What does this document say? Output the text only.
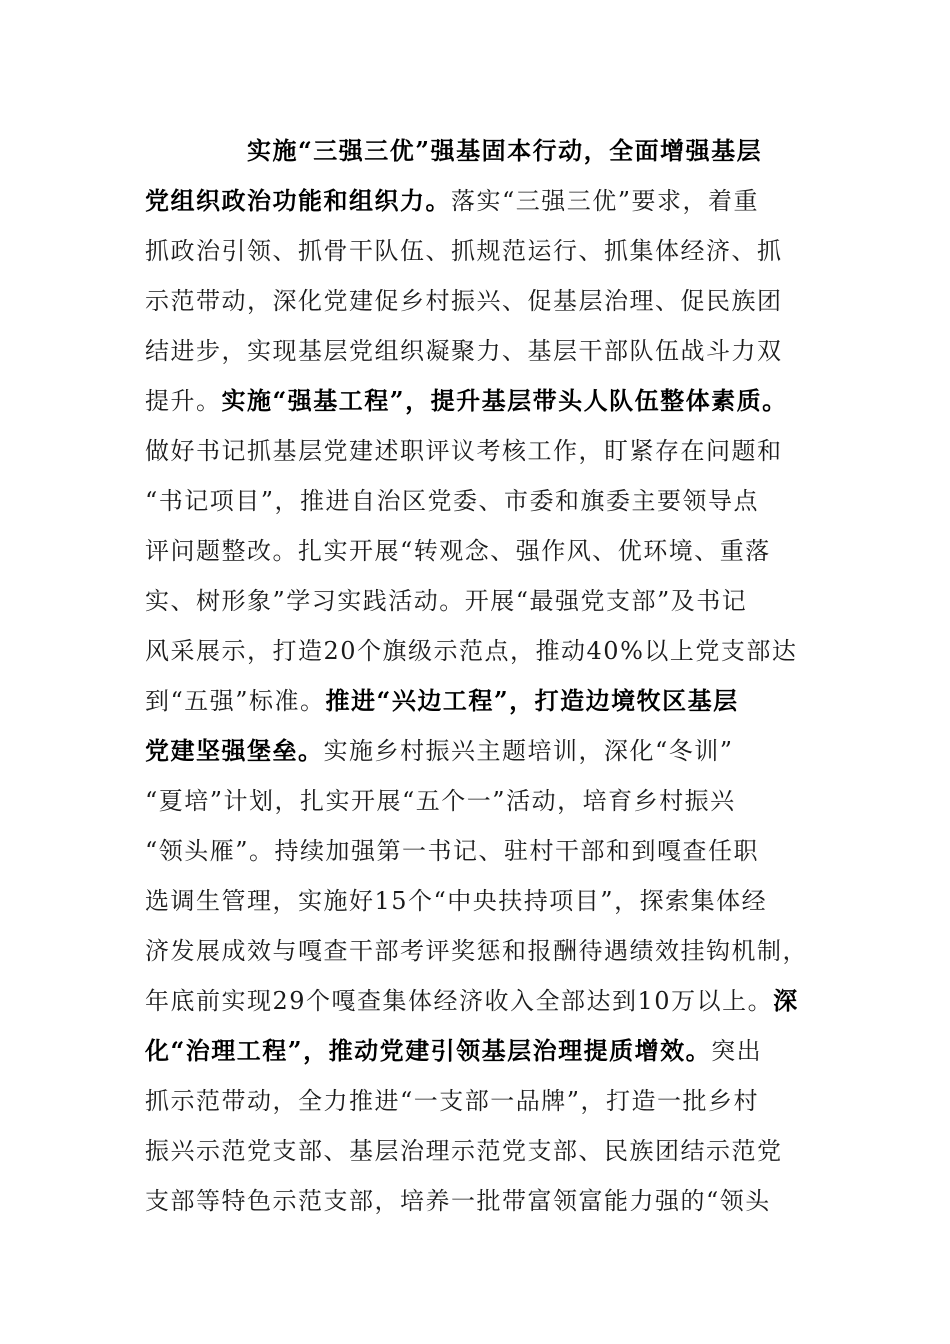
实施“三强三优”强基固本行动，全面增强基层
党组织政治功能和组织力。落实“三强三优”要求，着重
抓政治引领、抓骨干队伍、抓规范运行、抓集体经济、抓
示范带动，深化党建促乡村振兴、促基层治理、促民族团
结进步，实现基层党组织凝聚力、基层干部队伍战斗力双
提升。实施“强基工程”，提升基层带头人队伍整体素质。
做好书记抓基层党建述职评议考核工作，盯紧存在问题和
“书记项目”，推进自治区党委、市委和旗委主要领导点
评问题整改。扎实开展“转观念、强作风、优环境、重落
实、树形象”学习实践活动。开展“最强党支部”及书记
风采展示，打造20个旗级示范点，推动40%以上党支部达
到“五强”标准。推进“兴边工程”，打造边境牧区基层
党建坚强堡垒。实施乡村振兴主题培训，深化“冬训”
“夏培”计划，扎实开展“五个一”活动，培育乡村振兴
“领头雁”。持续加强第一书记、驻村干部和到嘎查任职
选调生管理，实施好15个“中央扶持项目”，探索集体经
济发展成效与嘎查干部考评奖惩和报酬待遇绩效挂钩机制，
年底前实现29个嘎查集体经济收入全部达到10万以上。深
化“治理工程”，推动党建引领基层治理提质增效。突出
抓示范带动，全力推进“一支部一品牌”，打造一批乡村
振兴示范党支部、基层治理示范党支部、民族团结示范党
支部等特色示范支部，培养一批带富领富能力强的“领头
